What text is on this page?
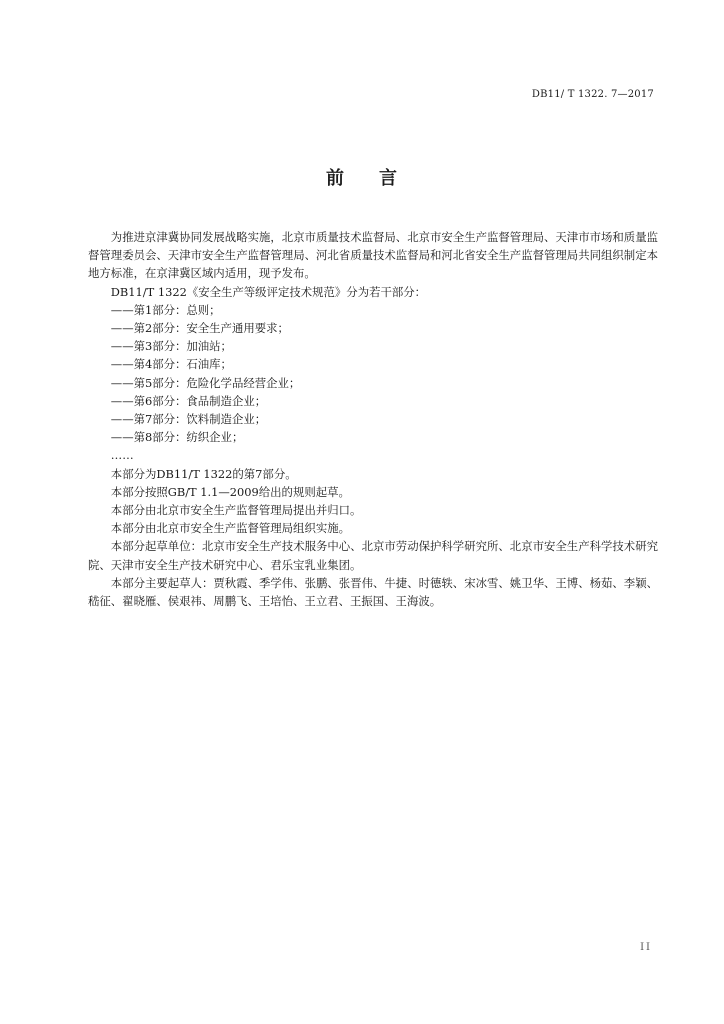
DB11/ T 1322. 7—2017
前 言

为推进京津冀协同发展战略实施，北京市质量技术监督局、北京市安全生产监督管理局、天津市市场和质量监督管理委员会、天津市安全生产监督管理局、河北省质量技术监督局和河北省安全生产监督管理局共同组织制定本地方标准，在京津冀区域内适用，现予发布。

DB11/T 1322《安全生产等级评定技术规范》分为若干部分：

——第1部分：总则；

——第2部分：安全生产通用要求；

——第3部分：加油站；

——第4部分：石油库；

——第5部分：危险化学品经营企业；

——第6部分：食品制造企业；

——第7部分：饮料制造企业；

——第8部分：纺织企业；

……

本部分为DB11/T 1322的第7部分。

本部分按照GB/T 1.1—2009给出的规则起草。

本部分由北京市安全生产监督管理局提出并归口。

本部分由北京市安全生产监督管理局组织实施。

本部分起草单位：北京市安全生产技术服务中心、北京市劳动保护科学研究所、北京市安全生产科学技术研究院、天津市安全生产技术研究中心、君乐宝乳业集团。

本部分主要起草人：贾秋霞、季学伟、张鹏、张晋伟、牛捷、时德轶、宋冰雪、姚卫华、王博、杨茹、李颖、嵇征、翟晓雁、侯艰祎、周鹏飞、王培怡、王立君、王振国、王海波。

II
